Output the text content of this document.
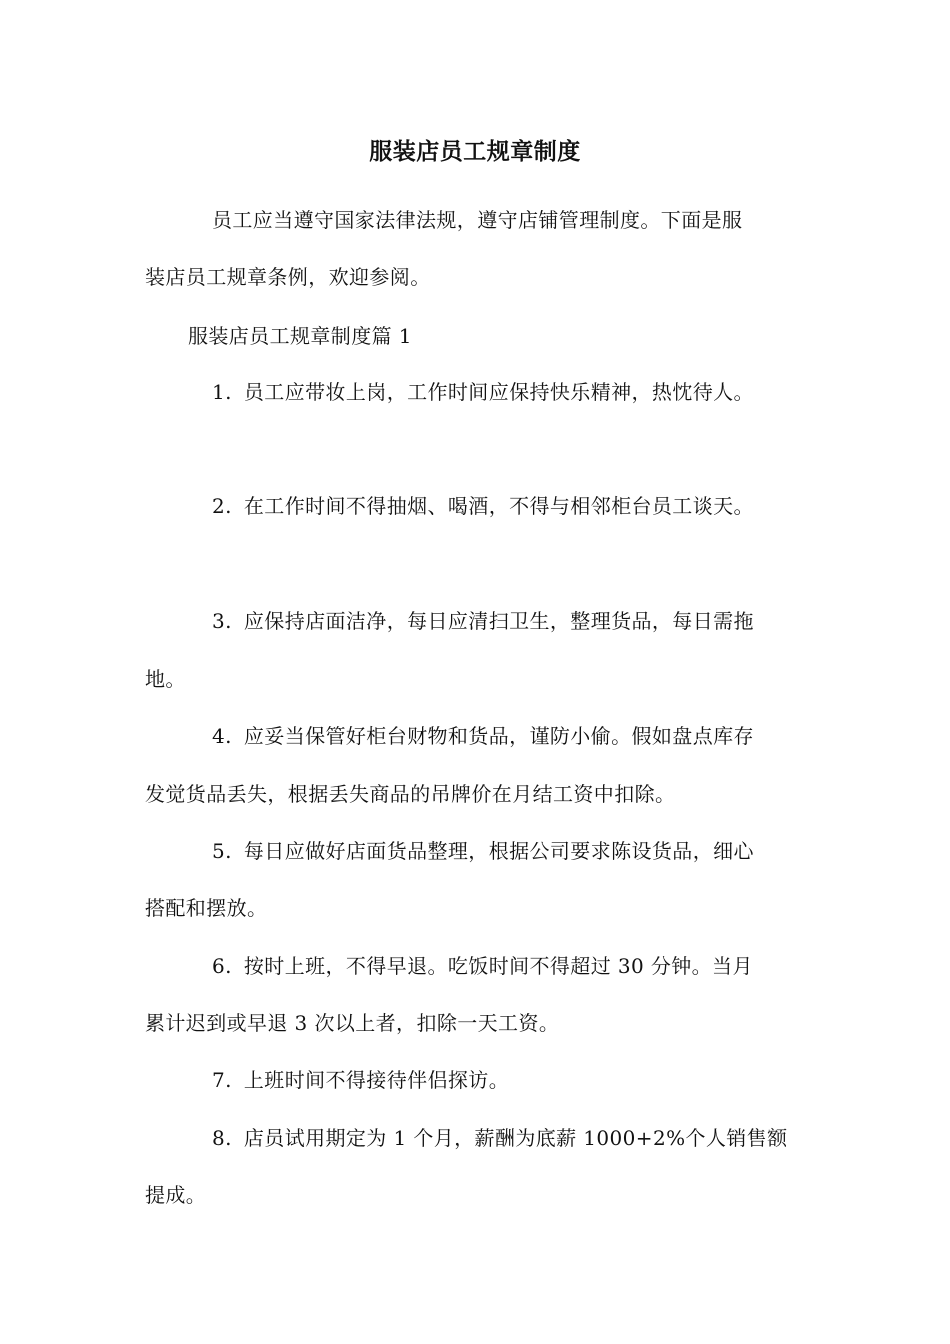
服装店员工规章制度
员工应当遵守国家法律法规，遵守店铺管理制度。下面是服
装店员工规章条例，欢迎参阅。
服装店员工规章制度篇 1
1. 员工应带妆上岗，工作时间应保持快乐精神，热忱待人。
2. 在工作时间不得抽烟、喝酒，不得与相邻柜台员工谈天。
3. 应保持店面洁净，每日应清扫卫生，整理货品，每日需拖
地。
4. 应妥当保管好柜台财物和货品，谨防小偷。假如盘点库存
发觉货品丢失，根据丢失商品的吊牌价在月结工资中扣除。
5. 每日应做好店面货品整理，根据公司要求陈设货品，细心
搭配和摆放。
6. 按时上班，不得早退。吃饭时间不得超过 30 分钟。当月
累计迟到或早退 3 次以上者，扣除一天工资。
7. 上班时间不得接待伴侣探访。
8. 店员试用期定为 1 个月，薪酬为底薪 1000+2%个人销售额
提成。
